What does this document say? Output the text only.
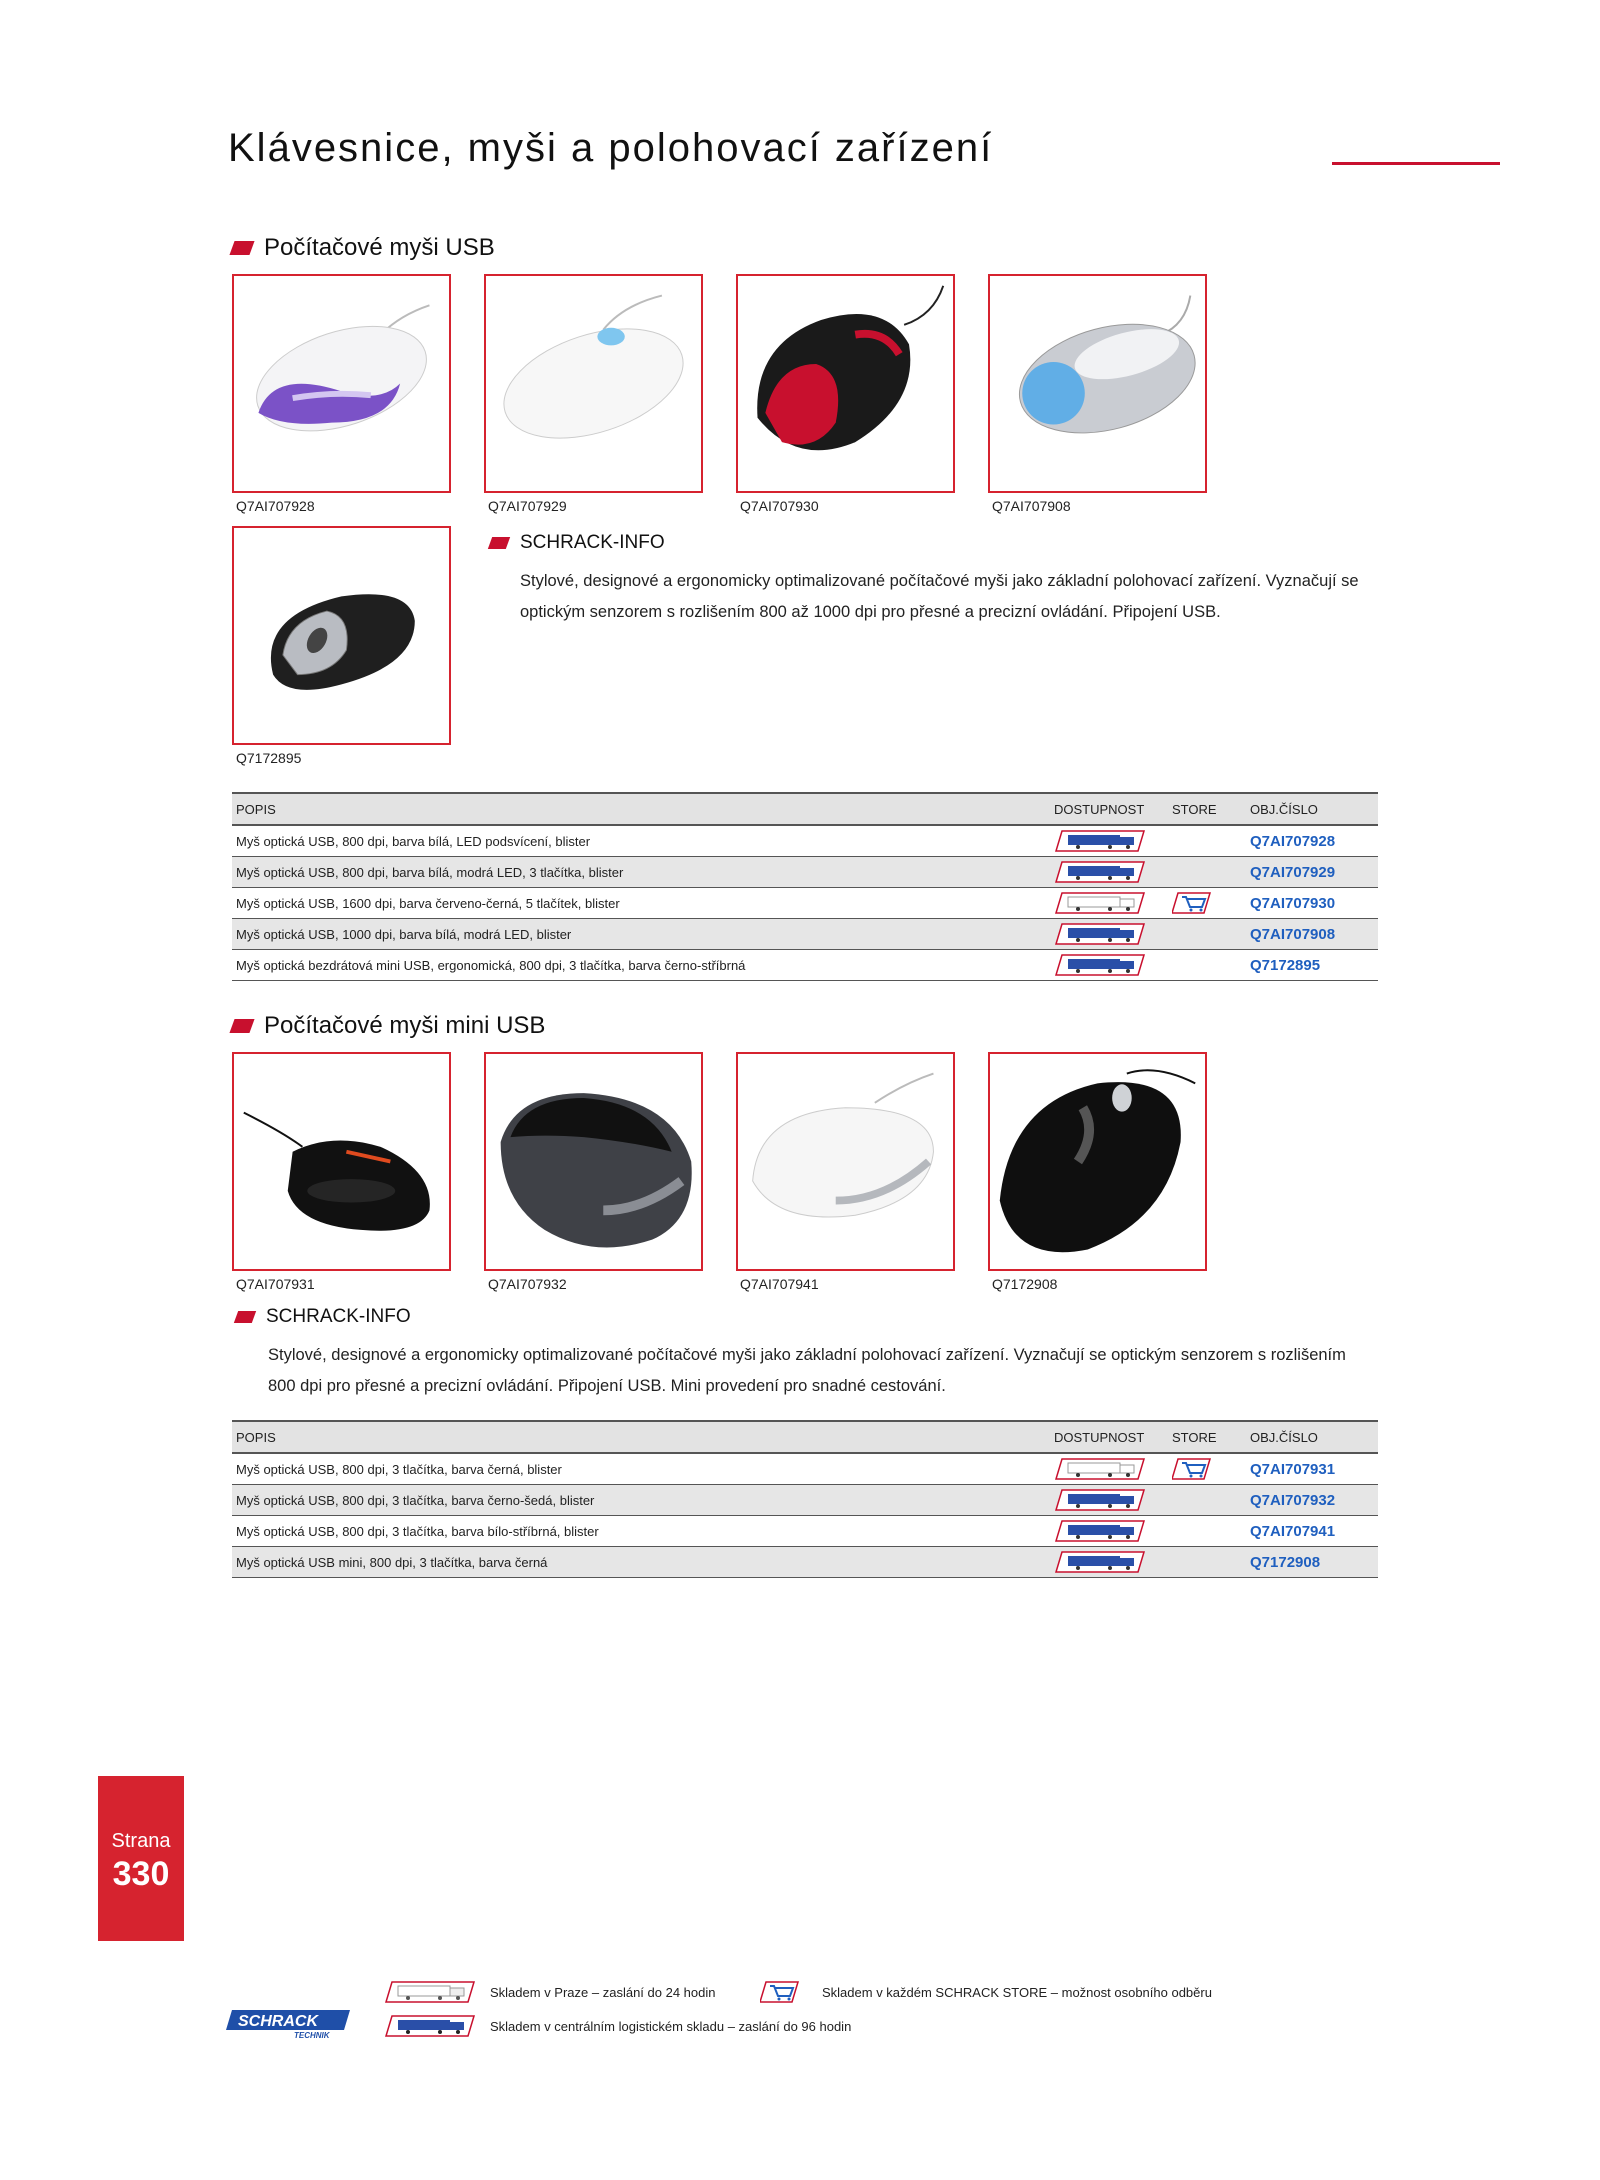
Klávesnice, myši a polohovací zařízení
Počítačové myši USB
Q7AI707928	Q7AI707929	Q7AI707930	Q7AI707908
Q7172895
SCHRACK-INFO
Stylové, designové a ergonomicky optimalizované počítačové myši jako základní polohovací zařízení. Vyznačují se
optickým senzorem s rozlišením 800 až 1000 dpi pro přesné a precizní ovládání. Připojení USB.
POPIS	DOSTUPNOST	STORE	OBJ.ČÍSLO
Myš optická USB, 800 dpi, barva bílá, LED podsvícení, blister			Q7AI707928
Myš optická USB, 800 dpi, barva bílá, modrá LED, 3 tlačítka, blister			Q7AI707929
Myš optická USB, 1600 dpi, barva červeno-černá, 5 tlačítek, blister			Q7AI707930
Myš optická USB, 1000 dpi, barva bílá, modrá LED, blister			Q7AI707908
Myš optická bezdrátová mini USB, ergonomická, 800 dpi, 3 tlačítka, barva černo-stříbrná			Q7172895
Počítačové myši mini USB
Q7AI707931	Q7AI707932	Q7AI707941	Q7172908
SCHRACK-INFO
Stylové, designové a ergonomicky optimalizované počítačové myši jako základní polohovací zařízení. Vyznačují se optickým senzorem s rozlišením
800 dpi pro přesné a precizní ovládání. Připojení USB. Mini provedení pro snadné cestování.
POPIS	DOSTUPNOST	STORE	OBJ.ČÍSLO
Myš optická USB, 800 dpi, 3 tlačítka, barva černá, blister			Q7AI707931
Myš optická USB, 800 dpi, 3 tlačítka, barva černo-šedá, blister			Q7AI707932
Myš optická USB, 800 dpi, 3 tlačítka, barva bílo-stříbrná, blister			Q7AI707941
Myš optická USB mini, 800 dpi, 3 tlačítka, barva černá			Q7172908
Strana
330
Skladem v Praze – zaslání do 24 hodin	Skladem v každém SCHRACK STORE – možnost osobního odběru
Skladem v centrálním logistickém skladu – zaslání do 96 hodin
SCHRACK
TECHNIK
